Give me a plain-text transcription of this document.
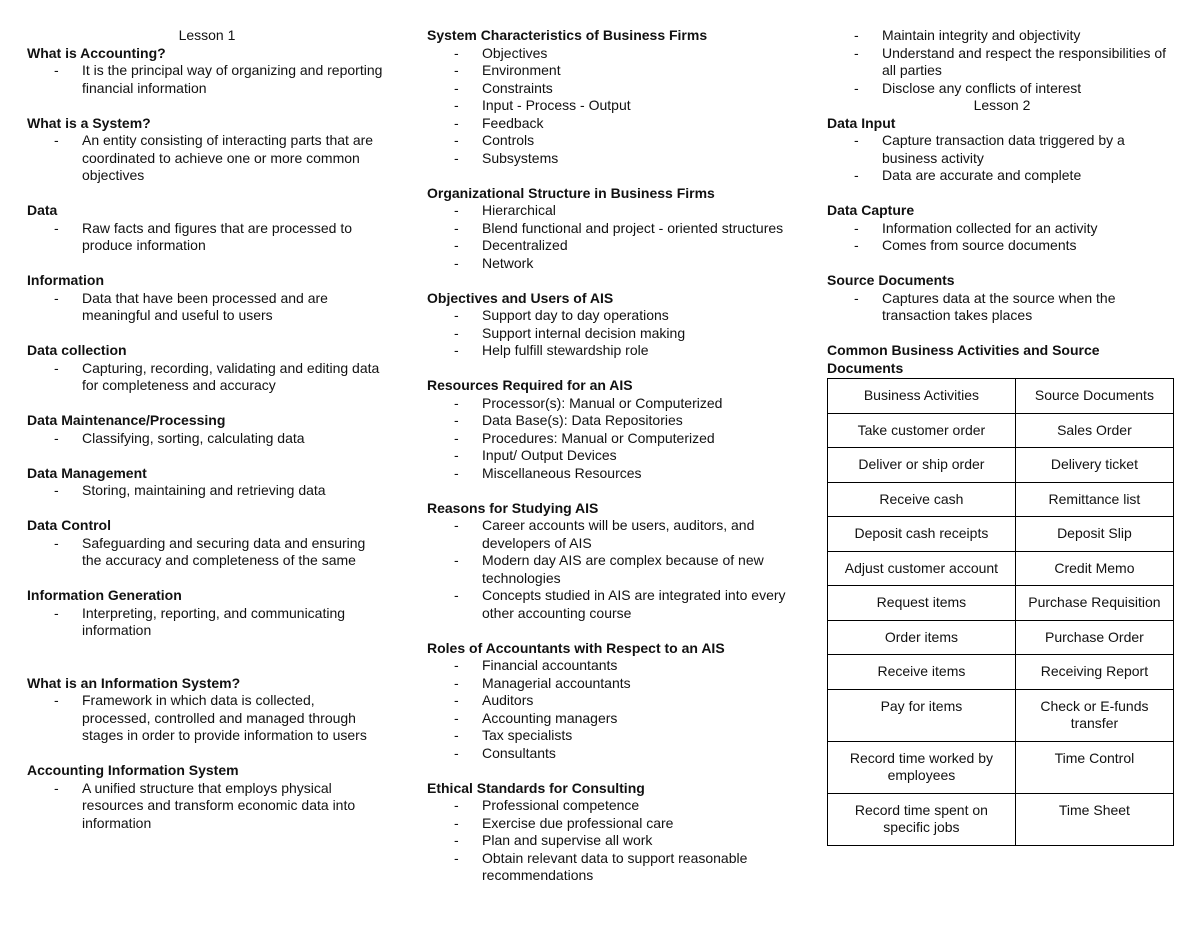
Lesson 1
What is Accounting?
- It is the principal way of organizing and reporting financial information
What is a System?
- An entity consisting of interacting parts that are coordinated to achieve one or more common objectives
Data
- Raw facts and figures that are processed to produce information
Information
- Data that have been processed and are meaningful and useful to users
Data collection
- Capturing, recording, validating and editing data for completeness and accuracy
Data Maintenance/Processing
- Classifying, sorting, calculating data
Data Management
- Storing, maintaining and retrieving data
Data Control
- Safeguarding and securing data and ensuring the accuracy and completeness of the same
Information Generation
- Interpreting, reporting, and communicating information
What is an Information System?
- Framework in which data is collected, processed, controlled and managed through stages in order to provide information to users
Accounting Information System
- A unified structure that employs physical resources and transform economic data into information
System Characteristics of Business Firms
- Objectives
- Environment
- Constraints
- Input - Process - Output
- Feedback
- Controls
- Subsystems
Organizational Structure in Business Firms
- Hierarchical
- Blend functional and project - oriented structures
- Decentralized
- Network
Objectives and Users of AIS
- Support day to day operations
- Support internal decision making
- Help fulfill stewardship role
Resources Required for an AIS
- Processor(s): Manual or Computerized
- Data Base(s): Data Repositories
- Procedures: Manual or Computerized
- Input/ Output Devices
- Miscellaneous Resources
Reasons for Studying AIS
- Career accounts will be users, auditors, and developers of AIS
- Modern day AIS are complex because of new technologies
- Concepts studied in AIS are integrated into every other accounting course
Roles of Accountants with Respect to an AIS
- Financial accountants
- Managerial accountants
- Auditors
- Accounting managers
- Tax specialists
- Consultants
Ethical Standards for Consulting
- Professional competence
- Exercise due professional care
- Plan and supervise all work
- Obtain relevant data to support reasonable recommendations
- Maintain integrity and objectivity
- Understand and respect the responsibilities of all parties
- Disclose any conflicts of interest
Lesson 2
Data Input
- Capture transaction data triggered by a business activity
- Data are accurate and complete
Data Capture
- Information collected for an activity
- Comes from source documents
Source Documents
- Captures data at the source when the transaction takes places
Common Business Activities and Source Documents
Business Activities	Source Documents
Take customer order	Sales Order
Deliver or ship order	Delivery ticket
Receive cash	Remittance list
Deposit cash receipts	Deposit Slip
Adjust customer account	Credit Memo
Request items	Purchase Requisition
Order items	Purchase Order
Receive items	Receiving Report
Pay for items	Check or E-funds transfer
Record time worked by employees	Time Control
Record time spent on specific jobs	Time Sheet
